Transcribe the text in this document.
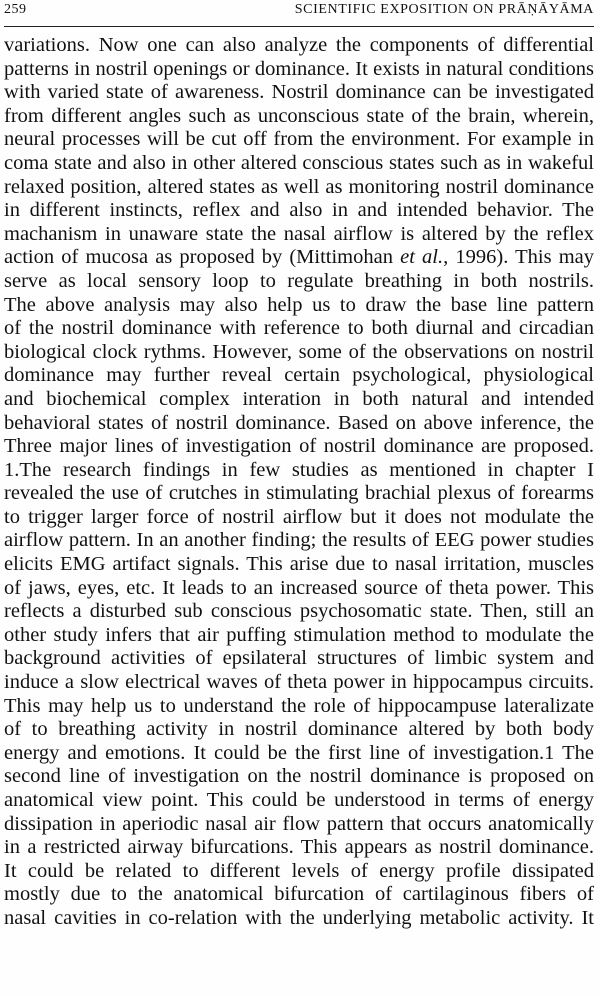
259	SCIENTIFIC EXPOSITION ON PRĀṆĀYĀMA
variations. Now one can also analyze the components of differential
patterns in nostril openings or dominance. It exists in natural conditions
with varied state of awareness. Nostril dominance can be investigated
from different angles such as unconscious state of the brain, wherein,
neural processes will be cut off from the environment. For example in
coma state and also in other altered conscious states such as in wakeful
relaxed position, altered states as well as monitoring nostril dominance
in different instincts, reflex and also in and intended behavior. The
machanism in unaware state the nasal airflow is altered by the reflex
action of mucosa as proposed by (Mittimohan et al., 1996). This may
serve as local sensory loop to regulate breathing in both nostrils.
The above analysis may also help us to draw the base line pattern
of the nostril dominance with reference to both diurnal and circadian
biological clock rythms. However, some of the observations on nostril
dominance may further reveal certain psychological, physiological
and biochemical complex interation in both natural and intended
behavioral states of nostril dominance. Based on above inference, the
Three major lines of investigation of nostril dominance are proposed.
1.The research findings in few studies as mentioned in chapter I
revealed the use of crutches in stimulating brachial plexus of forearms
to trigger larger force of nostril airflow but it does not modulate the
airflow pattern. In an another finding; the results of EEG power studies
elicits EMG artifact signals. This arise due to nasal irritation, muscles
of jaws, eyes, etc. It leads to an increased source of theta power. This
reflects a disturbed sub conscious psychosomatic state. Then, still an
other study infers that air puffing stimulation method to modulate the
background activities of epsilateral structures of limbic system and
induce a slow electrical waves of theta power in hippocampus circuits.
This may help us to understand the role of hippocampuse lateralizate
of to breathing activity in nostril dominance altered by both body
energy and emotions. It could be the first line of investigation.1 The
second line of investigation on the nostril dominance is proposed on
anatomical view point. This could be understood in terms of energy
dissipation in aperiodic nasal air flow pattern that occurs anatomically
in a restricted airway bifurcations. This appears as nostril dominance.
It could be related to different levels of energy profile dissipated
mostly due to the anatomical bifurcation of cartilaginous fibers of
nasal cavities in co-relation with the underlying metabolic activity. It
